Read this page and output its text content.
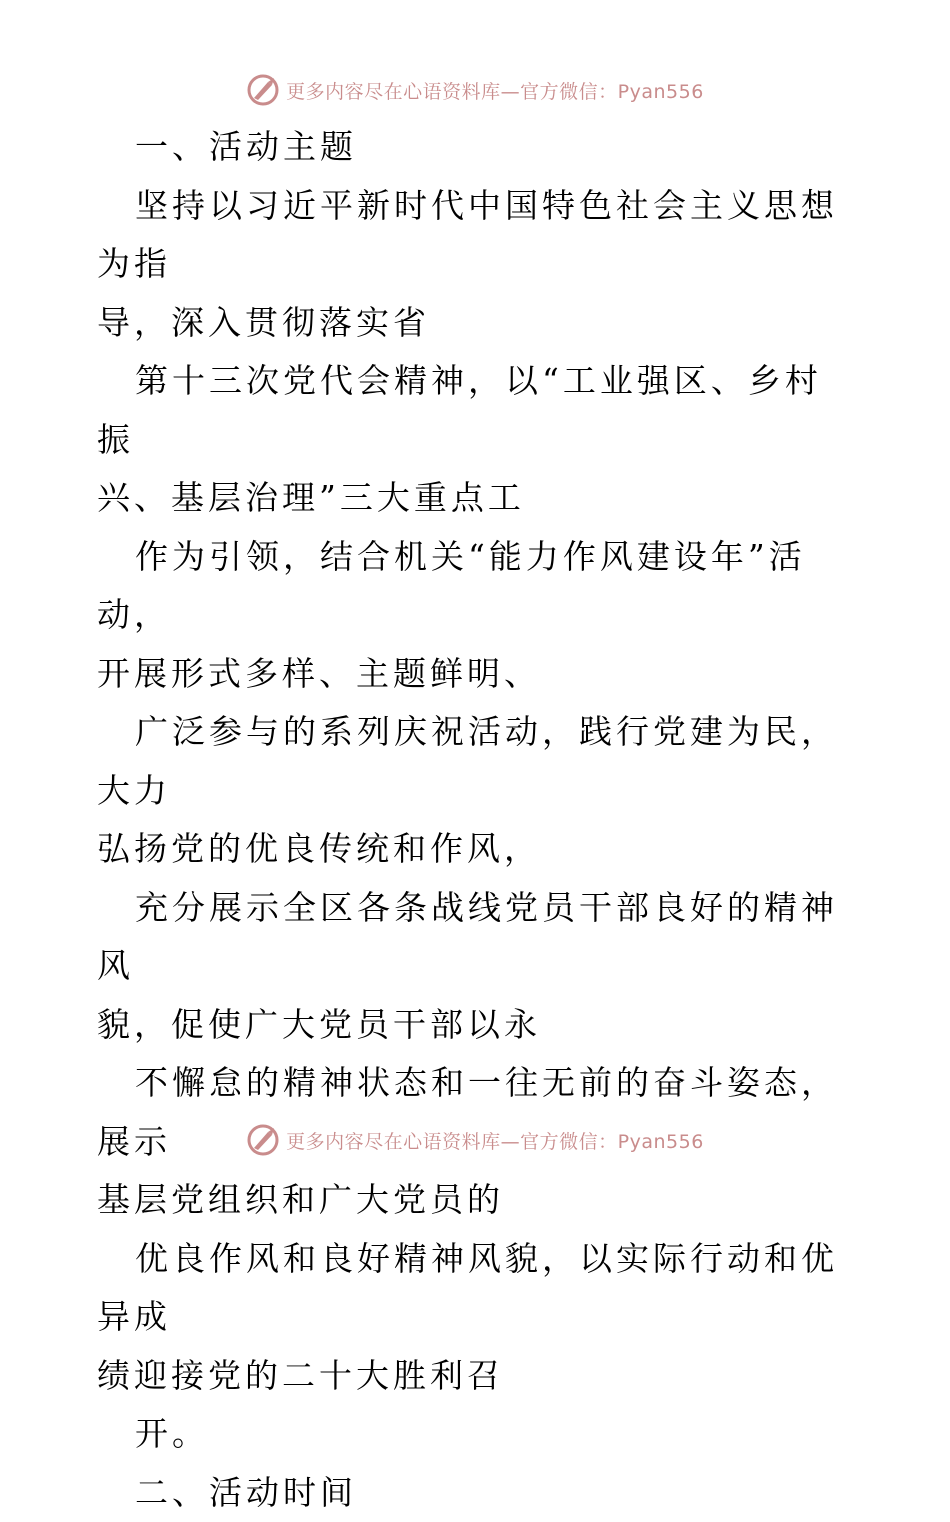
更多内容尽在心语资料库—官方微信：Pyan556

一、活动主题

坚持以习近平新时代中国特色社会主义思想为指
导，深入贯彻落实省

第十三次党代会精神，以“工业强区、乡村振
兴、基层治理”三大重点工

作为引领，结合机关“能力作风建设年”活动，
开展形式多样、主题鲜明、

广泛参与的系列庆祝活动，践行党建为民，大力
弘扬党的优良传统和作风，

充分展示全区各条战线党员干部良好的精神风
貌，促使广大党员干部以永

不懈怠的精神状态和一往无前的奋斗姿态，展示
基层党组织和广大党员的

优良作风和良好精神风貌，以实际行动和优异成
绩迎接党的二十大胜利召

开。

二、活动时间

更多内容尽在心语资料库—官方微信：Pyan556
